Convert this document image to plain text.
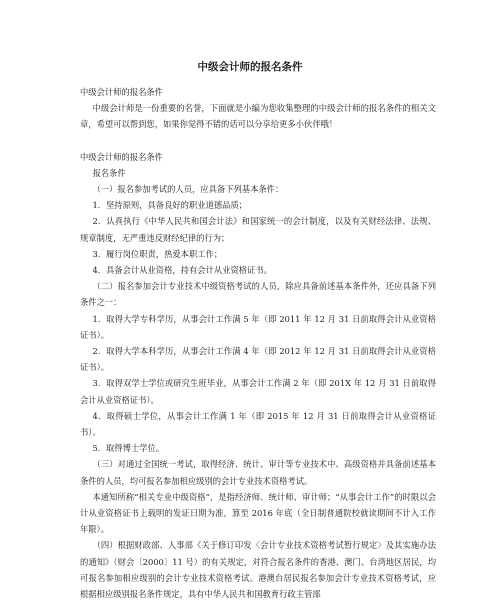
中级会计师的报名条件

中级会计师的报名条件

中级会计师是一份重要的名誉，下面就是小编为您收集整理的中级会计师的报名条件的相关文章，希望可以帮到您，如果你觉得不错的话可以分享给更多小伙伴哦！

中级会计师的报名条件

报名条件

（一）报名参加考试的人员，应具备下列基本条件：

1．坚持原则，具备良好的职业道德品质；

2．认真执行《中华人民共和国会计法》和国家统一的会计制度，以及有关财经法律、法规、规章制度，无严重违反财经纪律的行为；

3．履行岗位职责，热爱本职工作；

4．具备会计从业资格，持有会计从业资格证书。

（二）报名参加会计专业技术中级资格考试的人员，除应具备前述基本条件外，还应具备下列条件之一：

1．取得大学专科学历，从事会计工作满 5 年（即 2011 年 12 月 31 日前取得会计从业资格证书）。

2．取得大学本科学历，从事会计工作满 4 年（即 2012 年 12 月 31 日前取得会计从业资格证书）。

3．取得双学士学位或研究生班毕业，从事会计工作满 2 年（即 201X 年 12 月 31 日前取得会计从业资格证书）。

4．取得硕士学位，从事会计工作满 1 年（即 2015 年 12 月 31 日前取得会计从业资格证书）。

5．取得博士学位。

（三）对通过全国统一考试，取得经济、统计、审计等专业技术中、高级资格并具备前述基本条件的人员，均可报名参加相应级别的会计专业技术资格考试。

本通知所称“相关专业中级资格”，是指经济师、统计师、审计师；“从事会计工作”的时限以会计从业资格证书上载明的发证日期为准，算至 2016 年底（全日制普通院校就读期间不计入工作年限）。

（四）根据财政部、人事部《关于修订印发〈会计专业技术资格考试暂行规定〉及其实施办法的通知》（财会〔2000〕11 号）的有关规定，对符合报名条件的香港、澳门、台湾地区居民，均可报名参加相应级别的会计专业技术资格考试。港澳台居民报名参加会计专业技术资格考试，应根据相应级别报名条件规定，具有中华人民共和国教育行政主管部
